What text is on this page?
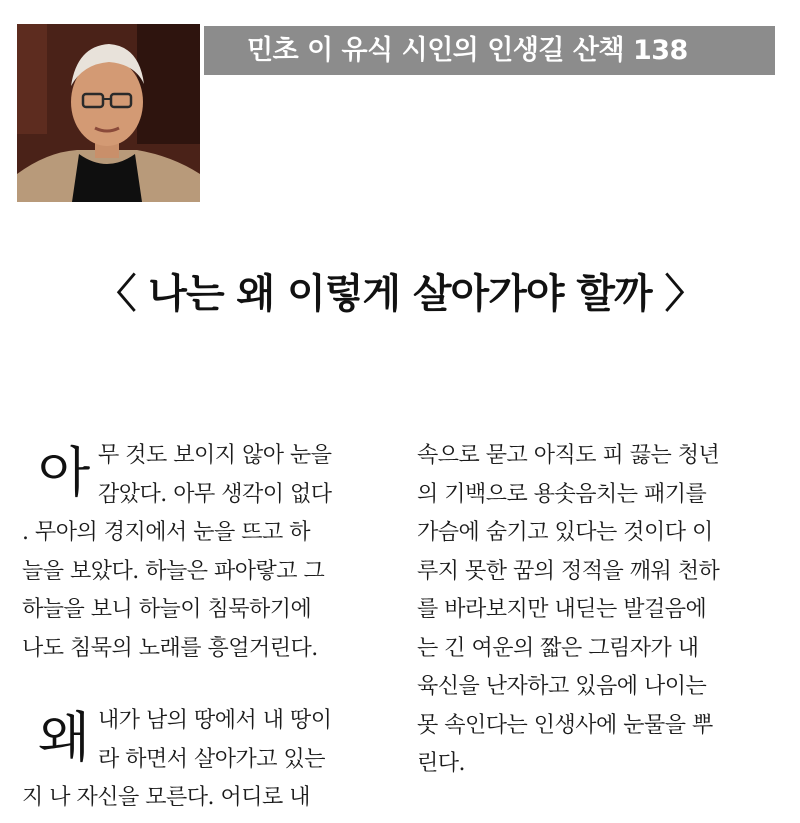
민초 이 유식 시인의 인생길 산책 138
〈 나는 왜 이렇게 살아가야 할까 〉
아 무 것도 보이지 않아 눈을
감았다. 아무 생각이 없다
. 무아의 경지에서 눈을 뜨고 하
늘을 보았다. 하늘은 파아랗고 그
하늘을 보니 하늘이 침묵하기에
나도 침묵의 노래를 흥얼거린다.
왜 내가 남의 땅에서 내 땅이
라 하면서 살아가고 있는
지 나 자신을 모른다. 어디로 내
속으로 묻고 아직도 피 끓는 청년
의 기백으로 용솟음치는 패기를
가슴에 숨기고 있다는 것이다 이
루지 못한 꿈의 정적을 깨워 천하
를 바라보지만 내딛는 발걸음에
는 긴 여운의 짧은 그림자가 내
육신을 난자하고 있음에 나이는
못 속인다는 인생사에 눈물을 뿌
린다.
